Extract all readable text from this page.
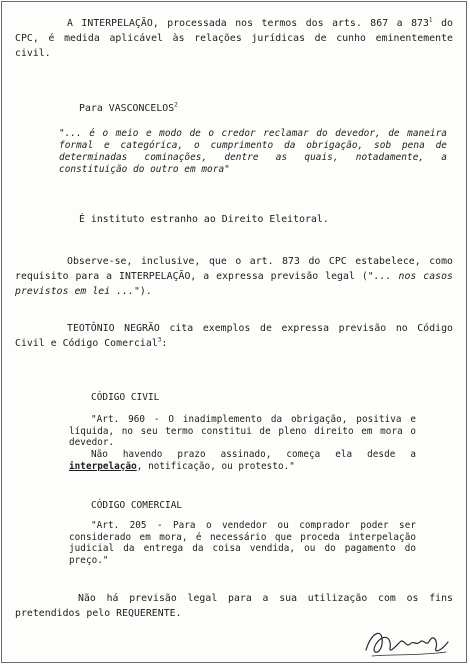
A INTERPELAÇÃO, processada nos termos dos arts. 867 a $873^1$ do CPC, é medida aplicável às relações jurídicas de cunho eminentemente civil.

Para VASCONCELOS$^2$

"... é o meio e modo de o credor reclamar do devedor, de maneira formal e categórica, o cumprimento da obrigação, sob pena de determinadas cominações, dentre as quais, notadamente, a constituição do outro em mora"

É instituto estranho ao Direito Eleitoral.

Observe-se, inclusive, que o art. 873 do CPC estabelece, como requisito para a INTERPELAÇÃO, a expressa previsão legal ("... nos casos previstos em lei ...").

TEOTÔNIO NEGRÃO cita exemplos de expressa previsão no Código Civil e Código Comercial$^3$:

CÓDIGO CIVIL

"Art. 960 - O inadimplemento da obrigação, positiva e líquida, no seu termo constitui de pleno direito em mora o devedor.

Não havendo prazo assinado, começa ela desde a interpelação, notificação, ou protesto."

CÓDIGO COMERCIAL

"Art. 205 - Para o vendedor ou comprador poder ser considerado em mora, é necessário que proceda interpelação judicial da entrega da coisa vendida, ou do pagamento do preço."

Não há previsão legal para a sua utilização com os fins pretendidos pelo REQUERENTE.
